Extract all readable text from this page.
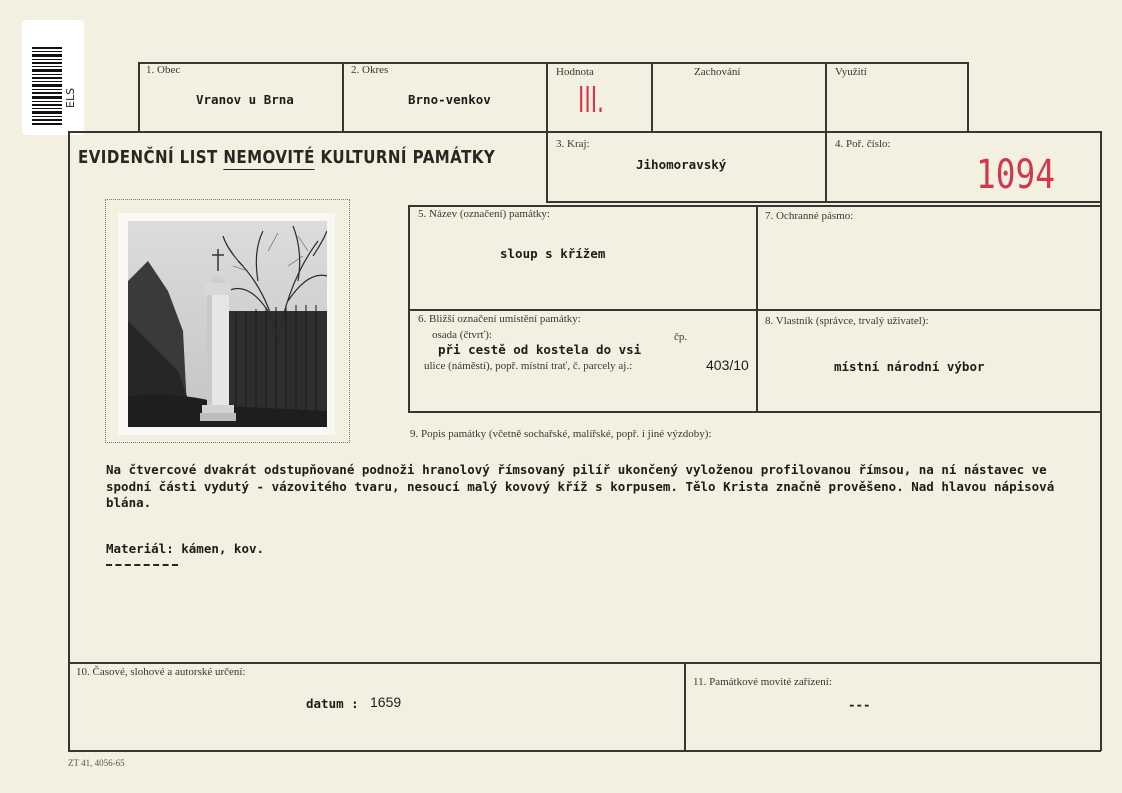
ELS
1. Obec
Vranov u Brna
2. Okres
Brno-venkov
Hodnota
III.
Zachování	Využití
EVIDENČNÍ LIST NEMOVITÉ KULTURNÍ PAMÁTKY
3. Kraj:
Jihomoravský
4. Poř. číslo:
1094
5. Název (označení) památky:
sloup s křížem
7. Ochranné pásmo:
6. Bližší označení umístění památky:
osada (čtvrť):	čp.
při cestě od kostela do vsi
ulice (náměstí), popř. místní trať, č. parcely aj.:	403/10
8. Vlastník (správce, trvalý uživatel):
místní národní výbor
9. Popis památky (včetně sochařské, malířské, popř. i jiné výzdoby):
Na čtvercové dvakrát odstupňované podnoži hranolový římsovaný pilíř ukončený vyloženou profilovanou římsou, na ní nástavec ve spodní části vydutý - vázovitého tvaru, nesoucí malý kovový kříž s korpusem. Tělo Krista značně prověšeno. Nad hlavou nápisová blána.
Materiál: kámen, kov.
10. Časové, slohové a autorské určení:
datum : 1659
11. Památkové movité zařízení:
---
ZT 41, 4056-65
